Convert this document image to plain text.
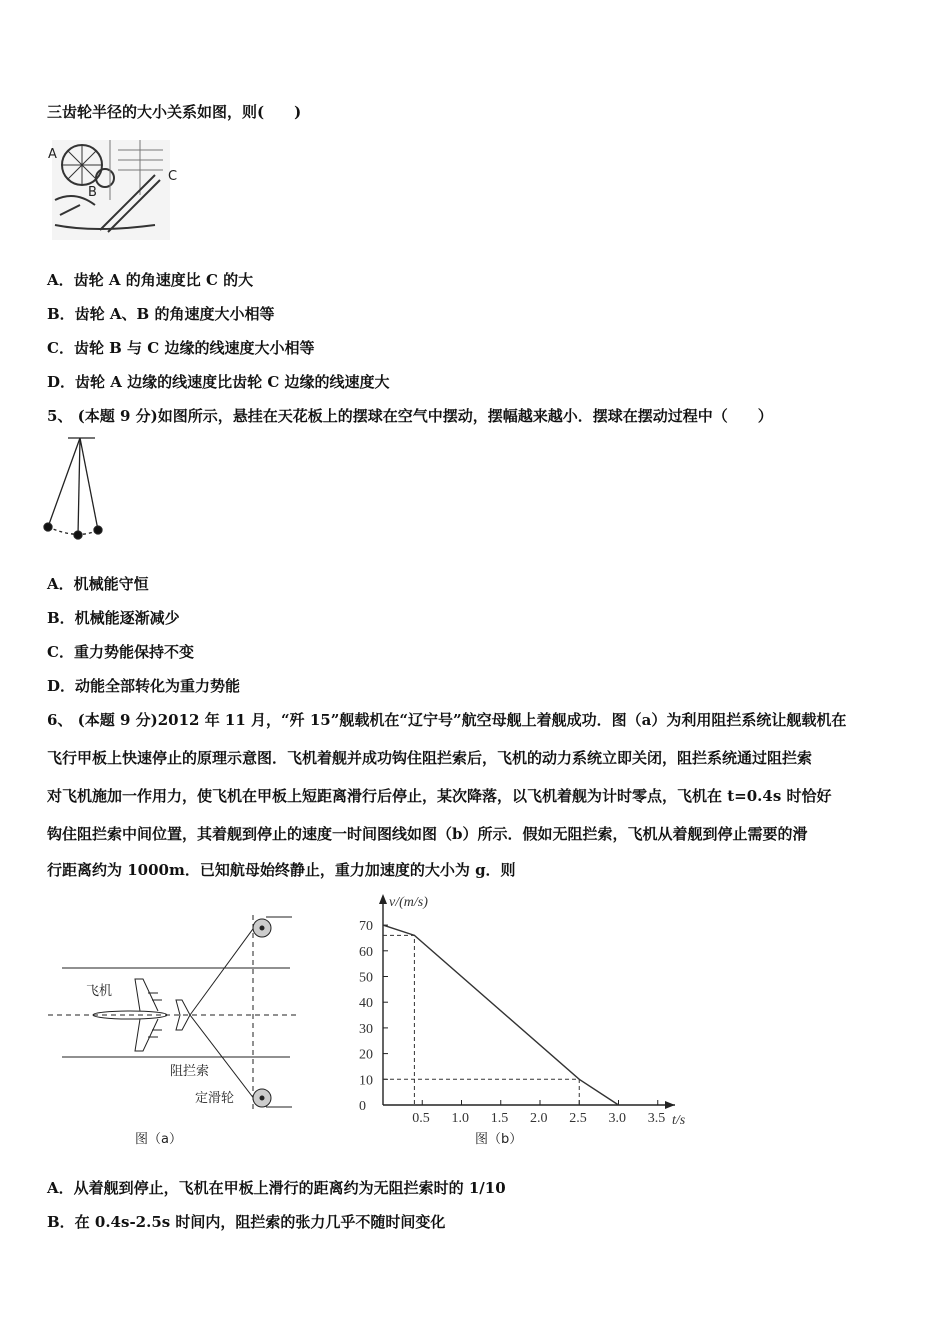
三齿轮半径的大小关系如图，则(　　)
A
B
C
飞机
阻拦索
定滑轮
图（a）
0.5 1.0 1.5 2.0 2.5 3.0 3.5
0
10
20
30
40
50
60
70
v/(m/s)
t/s
图（b）
A．齿轮 A 的角速度比 C 的大
B．齿轮 A、B 的角速度大小相等
C．齿轮 B 与 C 边缘的线速度大小相等
D．齿轮 A 边缘的线速度比齿轮 C 边缘的线速度大
5、 (本题 9 分)如图所示，悬挂在天花板上的摆球在空气中摆动，摆幅越来越小．摆球在摆动过程中（　　）
A．机械能守恒
B．机械能逐渐减少
C．重力势能保持不变
D．动能全部转化为重力势能
6、 (本题 9 分)2012 年 11 月，“歼 15”舰载机在“辽宁号”航空母舰上着舰成功．图（a）为利用阻拦系统让舰载机在
飞行甲板上快速停止的原理示意图．飞机着舰并成功钩住阻拦索后，飞机的动力系统立即关闭，阻拦系统通过阻拦索
对飞机施加一作用力，使飞机在甲板上短距离滑行后停止，某次降落，以飞机着舰为计时零点，飞机在 t=0.4s 时恰好
钩住阻拦索中间位置，其着舰到停止的速度一时间图线如图（b）所示．假如无阻拦索，飞机从着舰到停止需要的滑
行距离约为 1000m．已知航母始终静止，重力加速度的大小为 g．则
A．从着舰到停止，飞机在甲板上滑行的距离约为无阻拦索时的 1/10
B．在 0.4s-2.5s 时间内，阻拦索的张力几乎不随时间变化
